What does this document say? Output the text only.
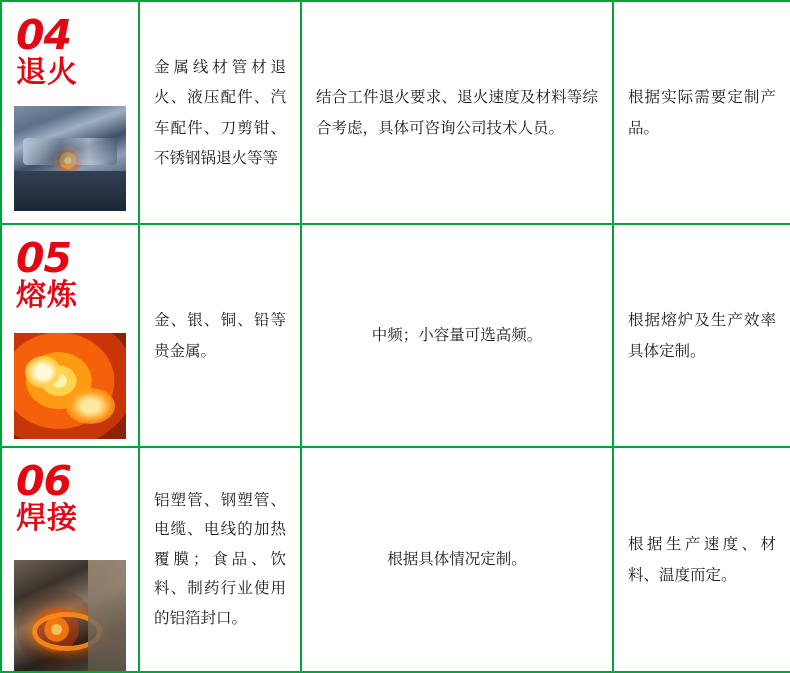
04
退火	金属线材管材退火、液压配件、汽车配件、刀剪钳、不锈钢锅退火等等	结合工件退火要求、退火速度及材料等综合考虑，具体可咨询公司技术人员。	根据实际需要定制产品。

05
熔炼	金、银、铜、铅等贵金属。	中频；小容量可选高频。	根据熔炉及生产效率具体定制。

06
焊接	铝塑管、钢塑管、电缆、电线的加热覆膜；食品、饮料、制药行业使用的铝箔封口。	根据具体情况定制。	根据生产速度、材料、温度而定。
